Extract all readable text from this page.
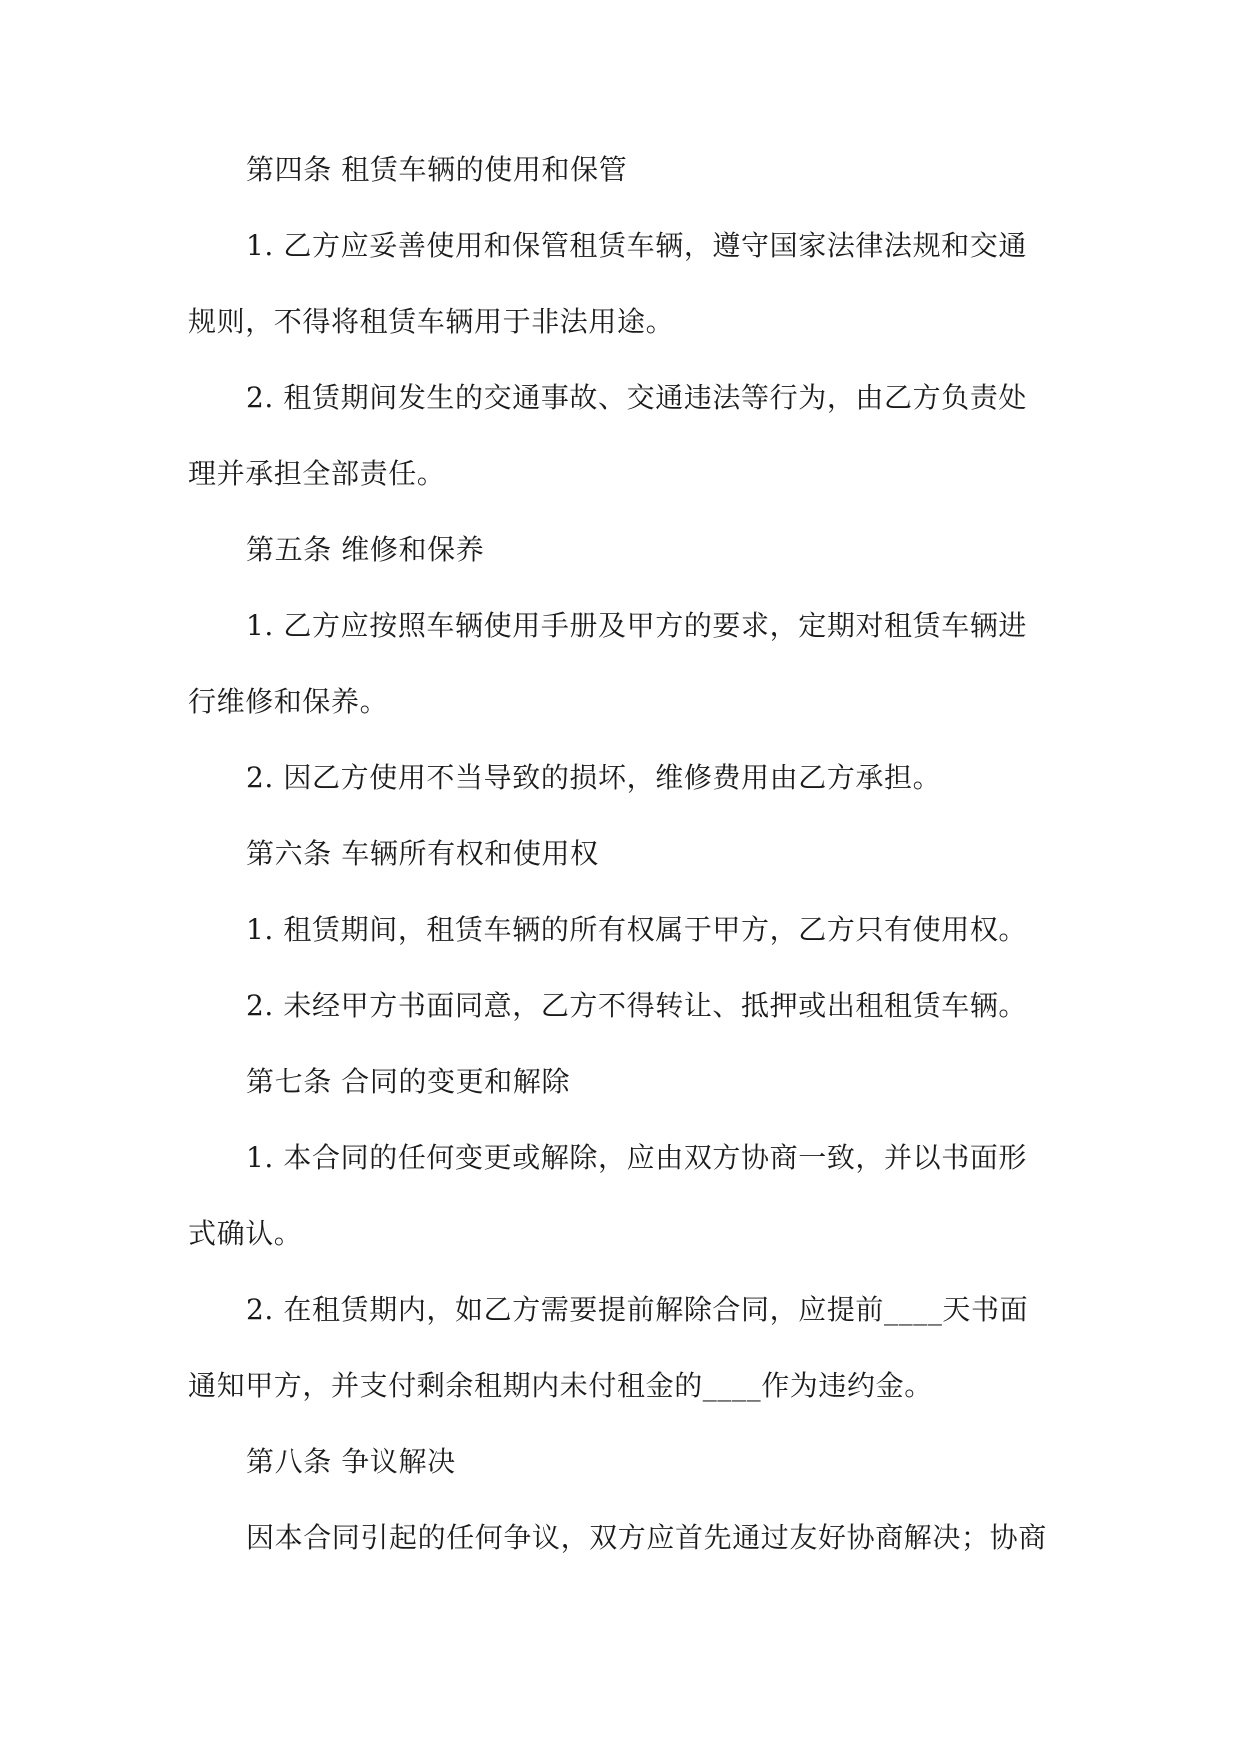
第四条 租赁车辆的使用和保管
1. 乙方应妥善使用和保管租赁车辆，遵守国家法律法规和交通
规则，不得将租赁车辆用于非法用途。
2. 租赁期间发生的交通事故、交通违法等行为，由乙方负责处
理并承担全部责任。
第五条 维修和保养
1. 乙方应按照车辆使用手册及甲方的要求，定期对租赁车辆进
行维修和保养。
2. 因乙方使用不当导致的损坏，维修费用由乙方承担。
第六条 车辆所有权和使用权
1. 租赁期间，租赁车辆的所有权属于甲方，乙方只有使用权。
2. 未经甲方书面同意，乙方不得转让、抵押或出租租赁车辆。
第七条 合同的变更和解除
1. 本合同的任何变更或解除，应由双方协商一致，并以书面形
式确认。
2. 在租赁期内，如乙方需要提前解除合同，应提前____天书面
通知甲方，并支付剩余租期内未付租金的____作为违约金。
第八条 争议解决
因本合同引起的任何争议，双方应首先通过友好协商解决；协商
